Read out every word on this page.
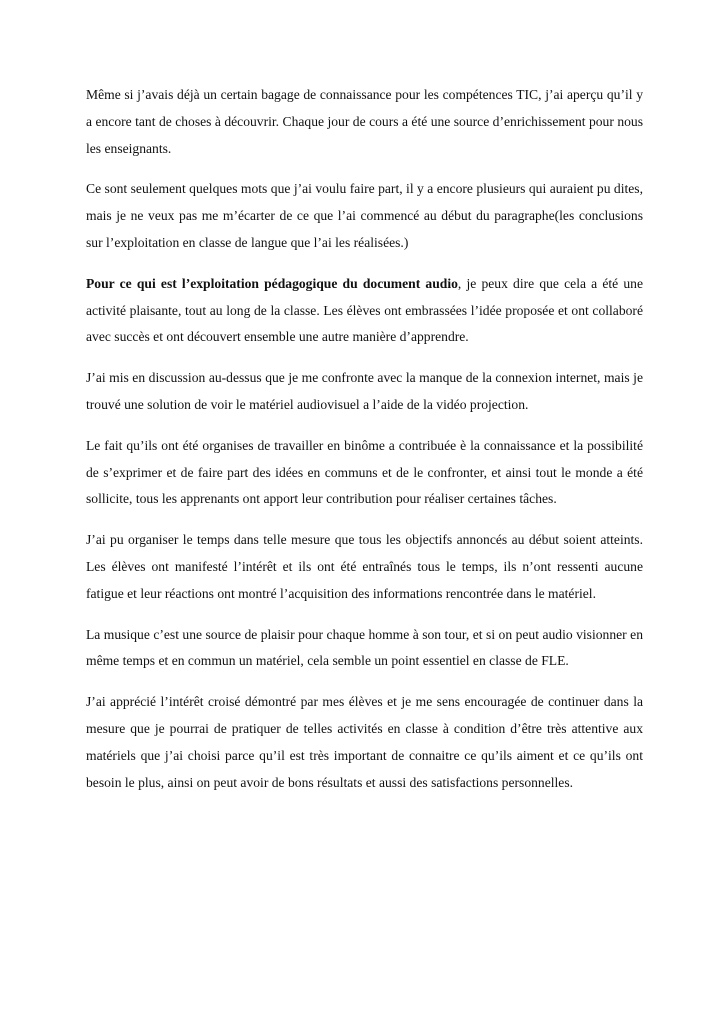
Même si j’avais déjà un certain bagage de connaissance pour les compétences TIC, j’ai aperçu qu’il y a encore tant de choses à découvrir. Chaque jour de cours a été une source d’enrichissement pour nous les enseignants.

Ce sont seulement quelques mots que j’ai voulu faire part, il y a encore plusieurs qui auraient pu dites, mais je ne veux pas me m’écarter de ce que l’ai commencé au début du paragraphe(les conclusions sur l’exploitation en classe de langue que l’ai les réalisées.)

Pour ce qui est l’exploitation pédagogique du document audio, je peux dire que cela a été une activité plaisante, tout au long de la classe. Les élèves ont embrassées l’idée proposée et ont collaboré avec succès et ont découvert ensemble une autre manière d’apprendre.

J’ai mis en discussion au-dessus que je me confronte avec la manque de la connexion internet, mais je trouvé une solution de voir le matériel audiovisuel a l’aide de la vidéo projection.

Le fait qu’ils ont été organises de travailler en binôme a contribuée è la connaissance et la possibilité de s’exprimer et de faire part des idées en communs et de le confronter, et ainsi tout le monde a été sollicite, tous les apprenants ont apport leur contribution pour réaliser certaines tâches.

J’ai pu organiser le temps dans telle mesure que tous les objectifs annoncés au début soient atteints. Les élèves ont manifesté l’intérêt et ils ont été entraînés tous le temps, ils n’ont ressenti aucune fatigue et leur réactions ont montré l’acquisition des informations rencontrée dans le matériel.

La musique c’est une source de plaisir pour chaque homme à son tour, et si on peut audio visionner en même temps et en commun un matériel, cela semble un point essentiel en classe de FLE.

J’ai apprécié l’intérêt croisé démontré par mes élèves et je me sens encouragée de continuer dans la mesure que je pourrai de pratiquer de telles activités en classe à condition d’être très attentive aux matériels que j’ai choisi parce qu’il est très important de connaitre ce qu’ils aiment et ce qu’ils ont besoin le plus, ainsi on peut avoir de bons résultats et aussi des satisfactions personnelles.
